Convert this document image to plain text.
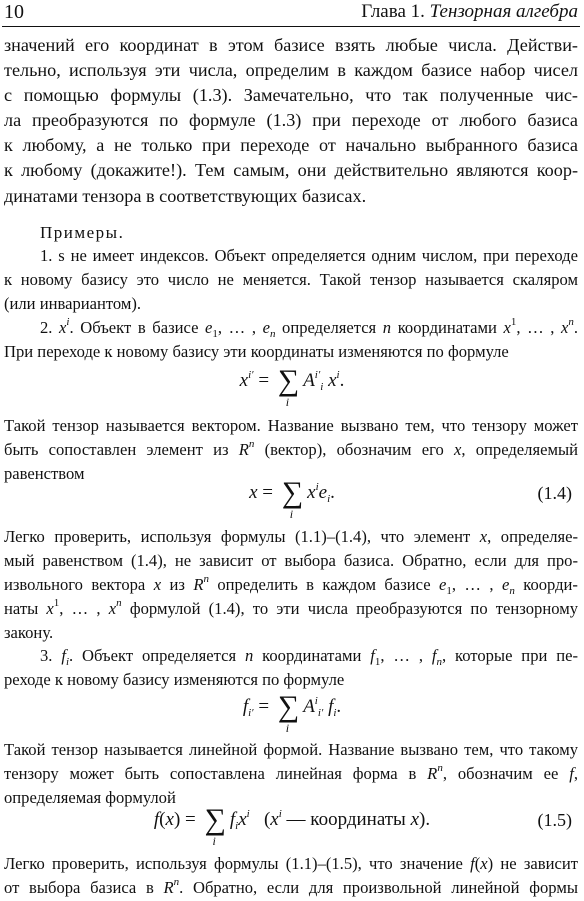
10	Глава 1. Тензорная алгебра
значений его координат в этом базисе взять любые числа. Действи-
тельно, используя эти числа, определим в каждом базисе набор чисел
с помощью формулы (1.3). Замечательно, что так полученные чис-
ла преобразуются по формуле (1.3) при переходе от любого базиса
к любому, а не только при переходе от начально выбранного базиса
к любому (докажите!). Тем самым, они действительно являются коор-
динатами тензора в соответствующих базисах.
Примеры.
1. s не имеет индексов. Объект определяется одним числом, при переходе
к новому базису это число не меняется. Такой тензор называется скаляром
(или инвариантом).
2. $x^i$. Объект в базисе $e_1$, … , $e_n$ определяется n координатами $x^1$, … , $x^n$.
При переходе к новому базису эти координаты изменяются по формуле
$x^{i'}$ = ∑
i
$A^{i'}_i$ $x^i$.
Такой тензор называется вектором. Название вызвано тем, что тензору может
быть сопоставлен элемент из $R^n$ (вектор), обозначим его x, определяемый
равенством
x = ∑
i
$x^ie_i$.	(1.4)
Легко проверить, используя формулы (1.1)–(1.4), что элемент x, определяе-
мый равенством (1.4), не зависит от выбора базиса. Обратно, если для про-
извольного вектора x из $R^n$ определить в каждом базисе $e_1$, … , $e_n$ коорди-
наты $x^1$, … , $x^n$ формулой (1.4), то эти числа преобразуются по тензорному
закону.
3. $f_i$. Объект определяется n координатами $f_1$, … , $f_n$, которые при пе-
реходе к новому базису изменяются по формуле
$f_{i'}$ = ∑
i
$A^i_{i'}$ $f_i$.
Такой тензор называется линейной формой. Название вызвано тем, что такому
тензору может быть сопоставлена линейная форма в $R^n$, обозначим ее f,
определяемая формулой
f(x) = ∑
i
$f_ix^i$   ($x^i$ — координаты x).	(1.5)
Легко проверить, используя формулы (1.1)–(1.5), что значение f(x) не зависит
от выбора базиса в $R^n$. Обратно, если для произвольной линейной формы
